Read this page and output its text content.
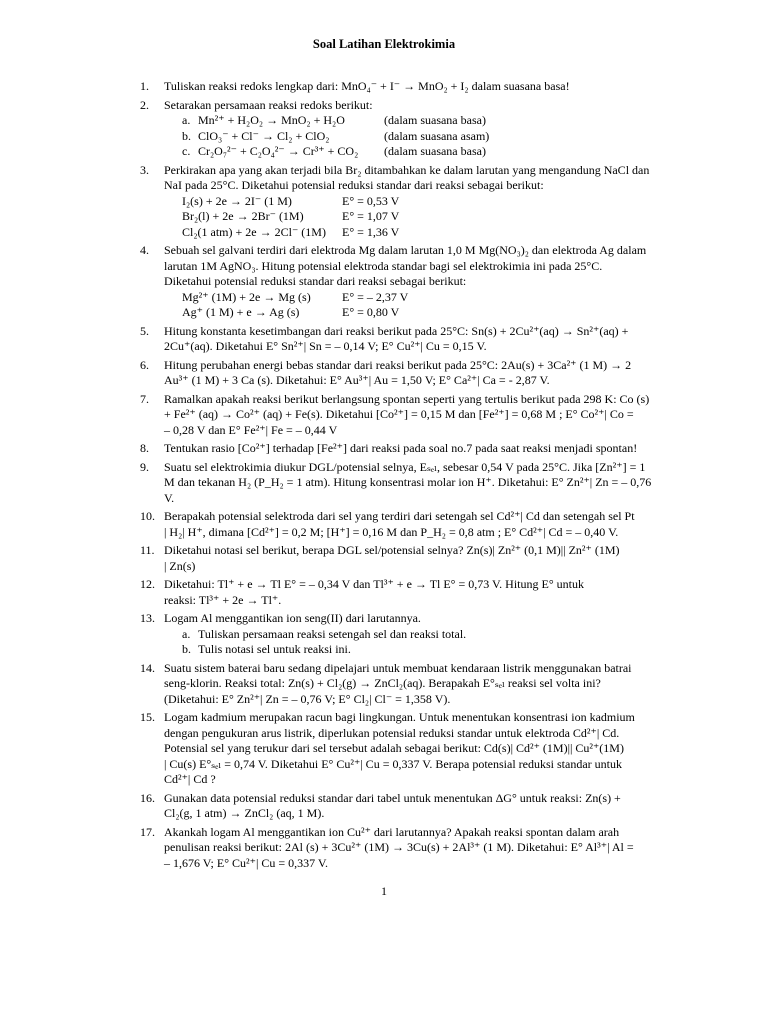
Soal Latihan Elektrokimia
1.	Tuliskan reaksi redoks lengkap dari: MnO₄⁻ + I⁻ → MnO₂ + I₂ dalam suasana basa!
2.	Setarakan persamaan reaksi redoks berikut:
a. Mn²⁺ + H₂O₂ → MnO₂ + H₂O	(dalam suasana basa)
b. ClO₃⁻ + Cl⁻ → Cl₂ + ClO₂	(dalam suasana asam)
c. Cr₂O₇²⁻ + C₂O₄²⁻ → Cr³⁺ + CO₂	(dalam suasana basa)
3.	Perkirakan apa yang akan terjadi bila Br₂ ditambahkan ke dalam larutan yang mengandung NaCl dan
NaI pada 25°C. Diketahui potensial reduksi standar dari reaksi sebagai berikut:
I₂(s) + 2e → 2I⁻ (1 M)	E° = 0,53 V
Br₂(l) + 2e → 2Br⁻ (1M)	E° = 1,07 V
Cl₂(1 atm) + 2e → 2Cl⁻ (1M)	E° = 1,36 V
4.	Sebuah sel galvani terdiri dari elektroda Mg dalam larutan 1,0 M Mg(NO₃)₂ dan elektroda Ag dalam
larutan 1M AgNO₃. Hitung potensial elektroda standar bagi sel elektrokimia ini pada 25°C.
Diketahui potensial reduksi standar dari reaksi sebagai berikut:
Mg²⁺ (1M) + 2e → Mg (s)	E° = – 2,37 V
Ag⁺ (1 M) + e → Ag (s)	E° = 0,80 V
5.	Hitung konstanta kesetimbangan dari reaksi berikut pada 25°C: Sn(s) + 2Cu²⁺(aq) → Sn²⁺(aq) +
2Cu⁺(aq). Diketahui E° Sn²⁺| Sn = – 0,14 V; E° Cu²⁺| Cu = 0,15 V.
6.	Hitung perubahan energi bebas standar dari reaksi berikut pada 25°C: 2Au(s) + 3Ca²⁺ (1 M) → 2
Au³⁺ (1 M) + 3 Ca (s). Diketahui: E° Au³⁺| Au = 1,50 V; E° Ca²⁺| Ca = - 2,87 V.
7.	Ramalkan apakah reaksi berikut berlangsung spontan seperti yang tertulis berikut pada 298 K: Co (s)
+ Fe²⁺ (aq) → Co²⁺ (aq) + Fe(s). Diketahui [Co²⁺] = 0,15 M dan [Fe²⁺] = 0,68 M ; E° Co²⁺| Co =
– 0,28 V dan E° Fe²⁺| Fe = – 0,44 V
8.	Tentukan rasio [Co²⁺] terhadap [Fe²⁺] dari reaksi pada soal no.7 pada saat reaksi menjadi spontan!
9.	Suatu sel elektrokimia diukur DGL/potensial selnya, Eₛₑₗ, sebesar 0,54 V pada 25°C. Jika [Zn²⁺] = 1
M dan tekanan H₂ (P_H₂ = 1 atm). Hitung konsentrasi molar ion H⁺. Diketahui: E° Zn²⁺| Zn = – 0,76
V.
10. Berapakah potensial selektroda dari sel yang terdiri dari setengah sel Cd²⁺| Cd dan setengah sel Pt
| H₂| H⁺, dimana [Cd²⁺] = 0,2 M; [H⁺] = 0,16 M dan P_H₂ = 0,8 atm ; E° Cd²⁺| Cd = – 0,40 V.
11. Diketahui notasi sel berikut, berapa DGL sel/potensial selnya? Zn(s)| Zn²⁺ (0,1 M)|| Zn²⁺ (1M)
| Zn(s)
12. Diketahui: Tl⁺ + e → Tl E° = – 0,34 V dan Tl³⁺ + e → Tl E° = 0,73 V. Hitung E° untuk
reaksi: Tl³⁺ + 2e → Tl⁺.
13. Logam Al menggantikan ion seng(II) dari larutannya.
a. Tuliskan persamaan reaksi setengah sel dan reaksi total.
b. Tulis notasi sel untuk reaksi ini.
14. Suatu sistem baterai baru sedang dipelajari untuk membuat kendaraan listrik menggunakan batrai
seng-klorin. Reaksi total: Zn(s) + Cl₂(g) → ZnCl₂(aq). Berapakah E°ₛₑₗ reaksi sel volta ini?
(Diketahui: E° Zn²⁺| Zn = – 0,76 V; E° Cl₂| Cl⁻ = 1,358 V).
15. Logam kadmium merupakan racun bagi lingkungan. Untuk menentukan konsentrasi ion kadmium
dengan pengukuran arus listrik, diperlukan potensial reduksi standar untuk elektroda Cd²⁺| Cd.
Potensial sel yang terukur dari sel tersebut adalah sebagai berikut: Cd(s)| Cd²⁺ (1M)|| Cu²⁺(1M)
| Cu(s) E°ₛₑₗ = 0,74 V. Diketahui E° Cu²⁺| Cu = 0,337 V. Berapa potensial reduksi standar untuk
Cd²⁺| Cd ?
16. Gunakan data potensial reduksi standar dari tabel untuk menentukan ΔG° untuk reaksi: Zn(s) +
Cl₂(g, 1 atm) → ZnCl₂ (aq, 1 M).
17. Akankah logam Al menggantikan ion Cu²⁺ dari larutannya? Apakah reaksi spontan dalam arah
penulisan reaksi berikut: 2Al (s) + 3Cu²⁺ (1M) → 3Cu(s) + 2Al³⁺ (1 M). Diketahui: E° Al³⁺| Al =
– 1,676 V; E° Cu²⁺| Cu = 0,337 V.
1
